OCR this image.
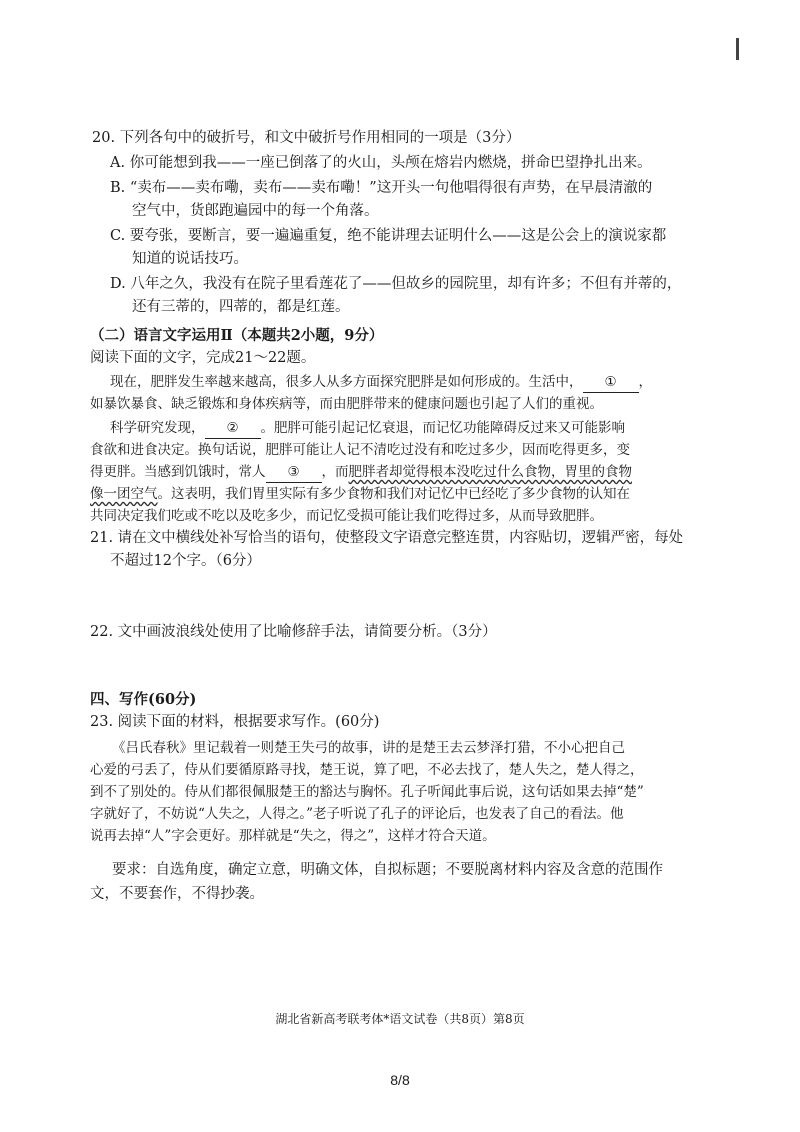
20. 下列各句中的破折号，和文中破折号作用相同的一项是（3分）
A. 你可能想到我——一座已倒落了的火山，头颅在熔岩内燃烧，拼命巴望挣扎出来。
B. “卖布——卖布嘞，卖布——卖布嘞！”这开头一句他唱得很有声势，在早晨清澈的
空气中，货郎跑遍园中的每一个角落。
C. 要夸张，要断言，要一遍遍重复，绝不能讲理去证明什么——这是公会上的演说家都
知道的说话技巧。
D. 八年之久，我没有在院子里看莲花了——但故乡的园院里，却有许多；不但有并蒂的，
还有三蒂的，四蒂的，都是红莲。
（二）语言文字运用Ⅱ（本题共2小题，9分）
阅读下面的文字，完成21～22题。
现在，肥胖发生率越来越高，很多人从多方面探究肥胖是如何形成的。生活中， ① ，
如暴饮暴食、缺乏锻炼和身体疾病等，而由肥胖带来的健康问题也引起了人们的重视。
科学研究发现， ② 。肥胖可能引起记忆衰退，而记忆功能障碍反过来又可能影响
食欲和进食决定。换句话说，肥胖可能让人记不清吃过没有和吃过多少，因而吃得更多，变
得更胖。当感到饥饿时，常人 ③ ，而肥胖者却觉得根本没吃过什么食物，胃里的食物
像一团空气。这表明，我们胃里实际有多少食物和我们对记忆中已经吃了多少食物的认知在
共同决定我们吃或不吃以及吃多少，而记忆受损可能让我们吃得过多，从而导致肥胖。
21. 请在文中横线处补写恰当的语句，使整段文字语意完整连贯，内容贴切，逻辑严密，每处
不超过12个字。（6分）
22. 文中画波浪线处使用了比喻修辞手法，请简要分析。（3分）
四、写作(60分)
23. 阅读下面的材料，根据要求写作。(60分)
《吕氏春秋》里记载着一则楚王失弓的故事，讲的是楚王去云梦泽打猎，不小心把自己
心爱的弓丢了，侍从们要循原路寻找，楚王说，算了吧，不必去找了，楚人失之，楚人得之，
到不了别处的。侍从们都很佩服楚王的豁达与胸怀。孔子听闻此事后说，这句话如果去掉“楚”
字就好了，不妨说“人失之，人得之。”老子听说了孔子的评论后，也发表了自己的看法。他
说再去掉“人”字会更好。那样就是“失之，得之”，这样才符合天道。
要求：自选角度，确定立意，明确文体，自拟标题；不要脱离材料内容及含意的范围作
文，不要套作，不得抄袭。
湖北省新高考联考体*语文试卷（共8页）第8页
8/8
